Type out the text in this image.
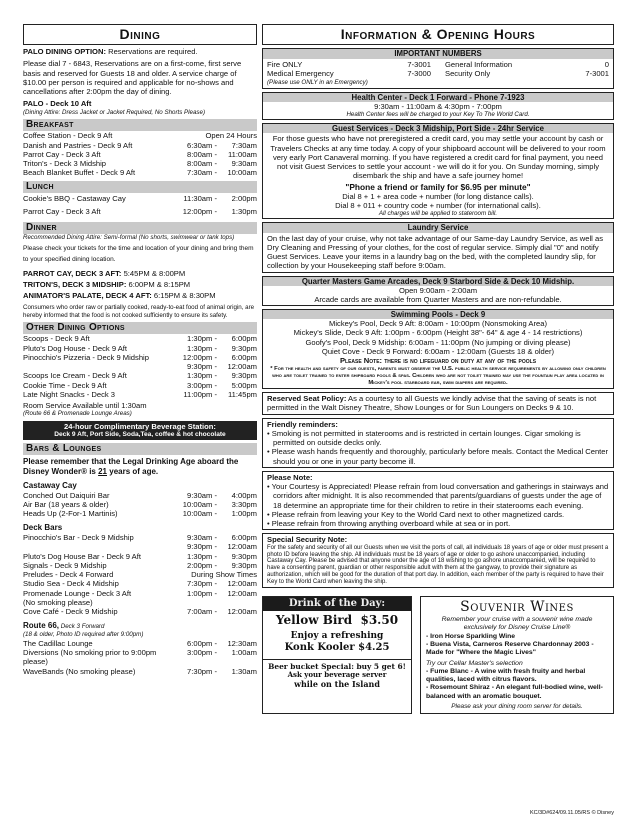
Dining
PALO DINING OPTION: Reservations are required.
Please dial 7 - 6843, Reservations are on a first-come, first serve basis and reserved for Guests 18 and older. A service charge of $10.00 per person is required and applicable for no-shows and cancellations after 2:00pm the day of dining.
PALO - Deck 10 Aft
(Dining Attire: Dress Jacket or Jacket Required, No Shorts Please)
Breakfast
Coffee Station - Deck 9 Aft	Open 24 Hours
Danish and Pastries - Deck 9 Aft	6:30am -	7:30am
Parrot Cay - Deck 3 Aft	8:00am -	11:00am
Triton's - Deck 3 Midship	8:00am -	9:30am
Beach Blanket Buffet - Deck 9 Aft	7:30am -	10:00am
Lunch
Cookie's BBQ - Castaway Cay	11:30am -	2:00pm
Parrot Cay - Deck 3 Aft	12:00pm -	1:30pm
Dinner
Recommended Dining Attire: Semi-formal (No shorts, swimwear or tank tops)
Please check your tickets for the time and location of your dining and bring them to your specified dining location.
PARROT CAY, DECK 3 AFT: 5:45PM & 8:00PM
TRITON'S, DECK 3 MIDSHIP: 6:00PM & 8:15PM
ANIMATOR'S PALATE, DECK 4 AFT: 6:15PM & 8:30PM
Consumers who order raw or partially cooked, ready-to-eat food of animal origin, are hereby informed that the food is not cooked sufficiently to ensure its safety.
Other Dining Options
Scoops - Deck 9 Aft	1:30pm -	6:00pm
Pluto's Dog House - Deck 9 Aft	1:30pm -	9:30pm
Pinocchio's Pizzeria - Deck 9 Midship	12:00pm -	6:00pm
9:30pm -	12:00am
Scoops Ice Cream - Deck 9 Aft	1:30pm -	9:30pm
Cookie Time - Deck 9 Aft	3:00pm -	5:00pm
Late Night Snacks - Deck 3	11:00pm -	11:45pm
Room Service Available until 1:30am
(Route 66 & Promenade Lounge Areas)
24-hour Complimentary Beverage Station:
Deck 9 Aft, Port Side, Soda,Tea, coffee & hot chocolate
Bars & Lounges
Please remember that the Legal Drinking Age aboard the Disney Wonder® is 21 years of age.
Castaway Cay
Conched Out Daiquiri Bar	9:30am -	4:00pm
Air Bar (18 years & older)	10:00am -	3:30pm
Heads Up (2-For-1 Martinis)	10:00am -	1:00pm
Deck Bars
Pinocchio's Bar - Deck 9 Midship	9:30am -	6:00pm
9:30pm -	12:00am
Pluto's Dog House Bar - Deck 9 Aft	1:30pm -	9:30pm
Signals - Deck 9 Midship	2:00pm -	9:30pm
Preludes - Deck 4 Forward	During Show Times
Studio Sea - Deck 4 Midship	7:30pm -	12:00am
Promenade Lounge - Deck 3 Aft	1:00pm -	12:00am
(No smoking please)
Cove Café - Deck 9 Midship	7:00am -	12:00am
Route 66, Deck 3 Forward
(18 & older, Photo ID required after 9:00pm)
The Cadillac Lounge	6:00pm -	12:30am
Diversions (No smoking prior to 9:00pm please)
3:00pm -	1:00am
WaveBands (No smoking please)	7:30pm -	1:30am
Information & Opening Hours
IMPORTANT NUMBERS
Fire ONLY	7-3001
Medical Emergency	7-3000
General Information	0
Security Only	7-3001
(Please use ONLY in an Emergency)
Health Center - Deck 1 Forward - Phone 7-1923
9:30am - 11:00am & 4:30pm - 7:00pm
Health Center fees will be charged to your Key To The World Card.
Guest Services - Deck 3 Midship, Port Side - 24hr Service
For those guests who have not preregistered a credit card, you may settle your account by cash or Travelers Checks at any time today. A copy of your shipboard account will be delivered to your room very early Port Canaveral morning. If you have registered a credit card for final payment, you need not visit Guest Services to settle your account - we will do it for you. On Sunday morning, simply disembark the ship and have a safe journey home!
"Phone a friend or family for $6.95 per minute"
Dial 8 + 1 + area code + number (for long distance calls).
Dial 8 + 011 + country code + number (for international calls).
All charges will be applied to stateroom bill.
Laundry Service
On the last day of your cruise, why not take advantage of our Same-day Laundry Service, as well as Dry Cleaning and Pressing of your clothes, for the cost of regular service. Simply dial "0" and notify Guest Services. Leave your items in a laundry bag on the bed, with the completed laundry slip, for collection by your Housekeeping staff before 9:00am.
Quarter Masters Game Arcades, Deck 9 Starbord Side & Deck 10 Midship.
Open 9:00am - 2:00am
Arcade cards are available from Quarter Masters and are non-refundable.
Swimming Pools - Deck 9
Mickey's Pool, Deck 9 Aft: 8:00am - 10:00pm (Nonsmoking Area)
Mickey's Slide, Deck 9 Aft: 1:00pm - 6:00pm (Height 38"- 64" & age 4 - 14 restrictions)
Goofy's Pool, Deck 9 Midship: 6:00am - 11:00pm (No jumping or diving please)
Quiet Cove - Deck 9 Forward: 6:00am - 12:00am (Guests 18 & older)
Please Note: there is no lifeguard on duty at any of the pools
* For the health and safety of our guests, parents must observe the U.S. public health service requirements by allowing only children who are toilet trained to enter shipboard pools & spas. Children who are not toilet trained may use the fountain play area located in Mickey's pool starboard ear, swim diapers are required.
Reserved Seat Policy: As a courtesy to all Guests we kindly advise that the saving of seats is not permitted in the Walt Disney Theatre, Show Lounges or for Sun Loungers on Decks 9 & 10.
Friendly reminders:
• Smoking is not permitted in staterooms and is restricted in certain lounges. Cigar smoking is permitted on outside decks only.
• Please wash hands frequently and thoroughly, particularly before meals. Contact the Medical Center should you or one in your party become ill.
Please Note:
• Your Courtesy is Appreciated! Please refrain from loud conversation and gatherings in stairways and corridors after midnight. It is also recommended that parents/guardians of guests under the age of 18 determine an appropriate time for their children to retire in their staterooms each evening.
• Please refrain from leaving your Key to the World Card next to other magnetized cards.
• Please refrain from throwing anything overboard while at sea or in port.
Special Security Note:
For the safety and security of all our Guests when we visit the ports of call, all individuals 18 years of age or older must present a photo ID before leaving the ship. All individuals must be 18 years of age or older to go ashore unaccompanied, including Castaway Cay. Please be advised that anyone under the age of 18 wishing to go ashore unaccompanied, will be required to have a consenting parent, guardian or other responsible adult with them at the gangway, to provide their signature as authorization, which will be good for the duration of that port day. In addition, each member of the party is required to have their Key to the World Card when leaving the ship.
Drink of the Day:
Yellow Bird $3.50
Enjoy a refreshing
Konk Kooler $4.25
Beer bucket Special: buy 5 get 6!
Ask your beverage server
while on the Island
Souvenir Wines
Remember your cruise with a souvenir wine made exclusively for Disney Cruise Line®
- Iron Horse Sparkling Wine
- Buena Vista, Carneros Reserve Chardonnay 2003 - Made for "Where the Magic Lives"
Try our Cellar Master's selection
- Fume Blanc - A wine with fresh fruity and herbal qualities, laced with citrus flavors.
- Rosemount Shiraz - An elegant full-bodied wine, well-balanced with an aromatic bouquet.
Please ask your dining room server for details.
KC/3D#624/09.11.05/RS © Disney
